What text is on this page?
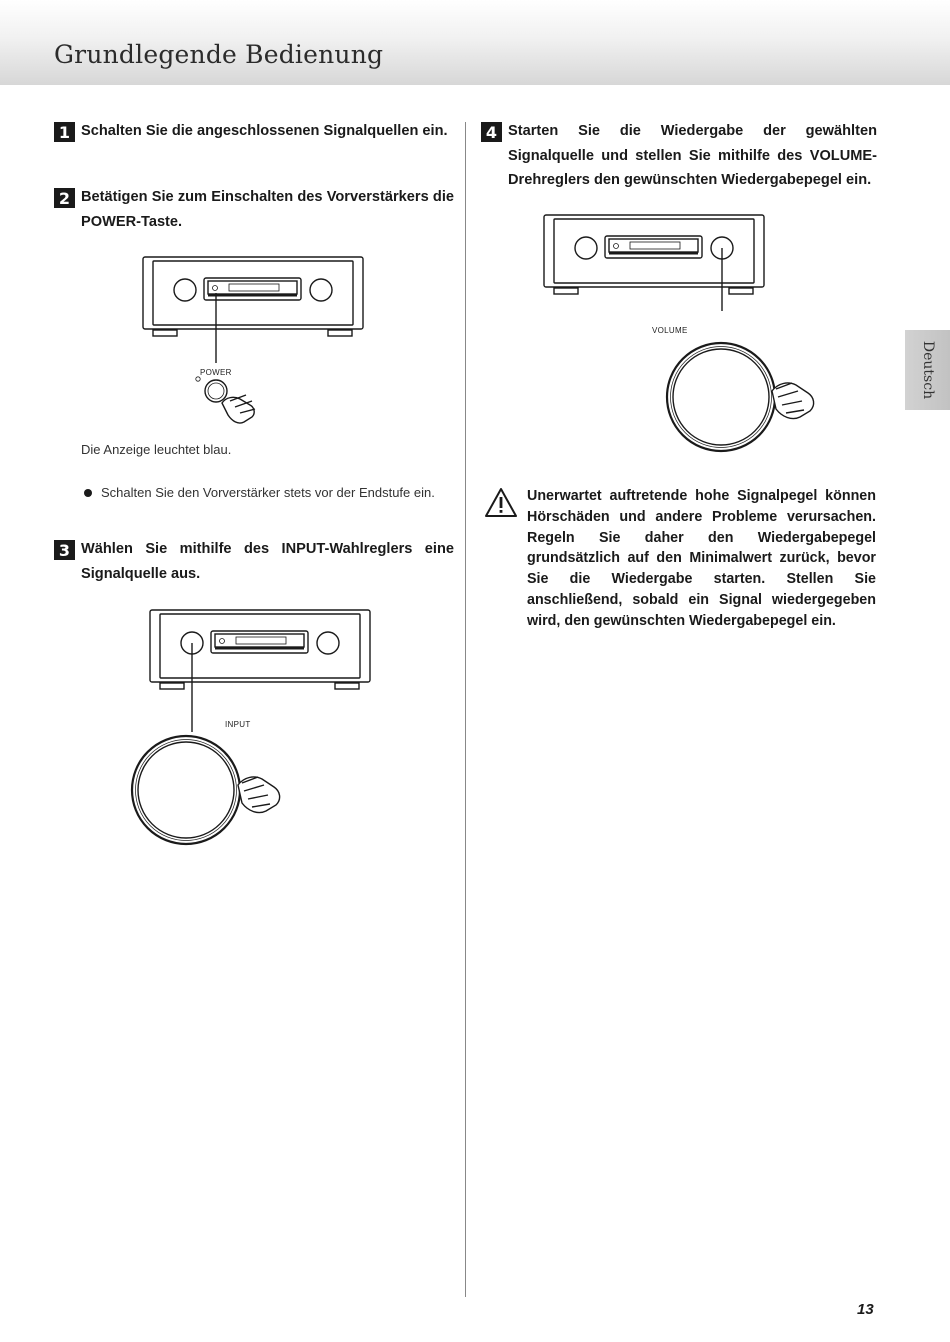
Grundlegende Bedienung
1 Schalten Sie die angeschlossenen Signalquellen ein.
2 Betätigen Sie zum Einschalten des Vorverstärkers die POWER-Taste.
POWER
Die Anzeige leuchtet blau.
Schalten Sie den Vorverstärker stets vor der Endstufe ein.
3 Wählen Sie mithilfe des INPUT-Wahlreglers eine Signalquelle aus.
INPUT
4 Starten Sie die Wiedergabe der gewählten Signalquelle und stellen Sie mithilfe des VOLUME-Drehreglers den gewünschten Wiedergabepegel ein.
VOLUME
Unerwartet auftretende hohe Signalpegel können Hörschäden und andere Probleme verursachen. Regeln Sie daher den Wiedergabepegel grundsätzlich auf den Minimalwert zurück, bevor Sie die Wiedergabe starten. Stellen Sie anschließend, sobald ein Signal wiedergegeben wird, den gewünschten Wiedergabepegel ein.
Deutsch
13
